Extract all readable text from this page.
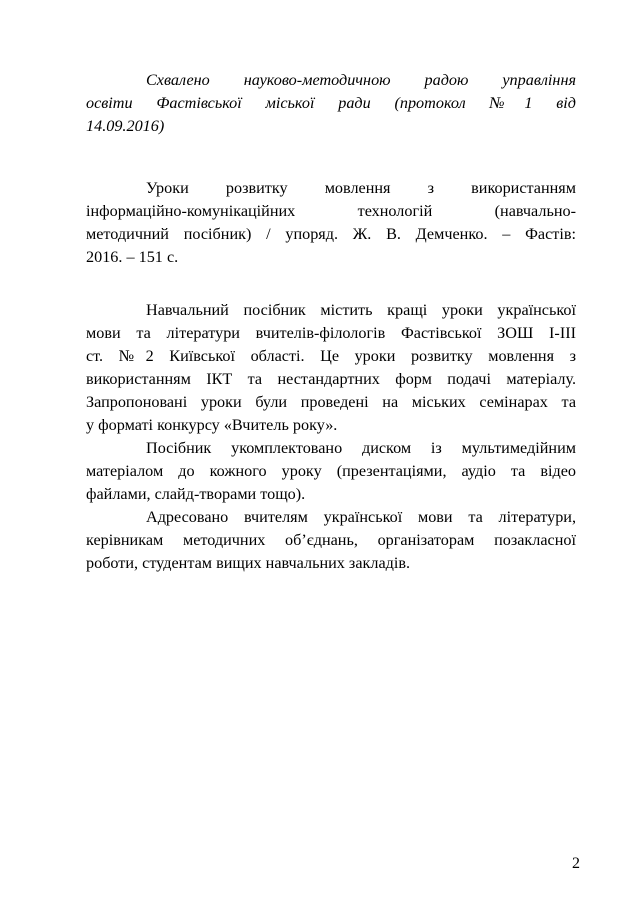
Схвалено науково-методичною радою управління
освіти Фастівської міської ради (протокол №1 від
14.09.2016)
Уроки розвитку мовлення з використанням
інформаційно-комунікаційних технологій (навчально-
методичний посібник) / упоряд. Ж. В. Демченко. – Фастів:
2016. – 151 с.
Навчальний посібник містить кращі уроки української
мови та літератури вчителів-філологів Фастівської ЗОШ І-ІІІ
ст. №2 Київської області. Це уроки розвитку мовлення з
використанням ІКТ та нестандартних форм подачі матеріалу.
Запропоновані уроки були проведені на міських семінарах та
у форматі конкурсу «Вчитель року».
Посібник укомплектовано диском із мультимедійним
матеріалом до кожного уроку (презентаціями, аудіо та відео
файлами, слайд-творами тощо).
Адресовано вчителям української мови та літератури,
керівникам методичних об’єднань, організаторам позакласної
роботи, студентам вищих навчальних закладів.
2
